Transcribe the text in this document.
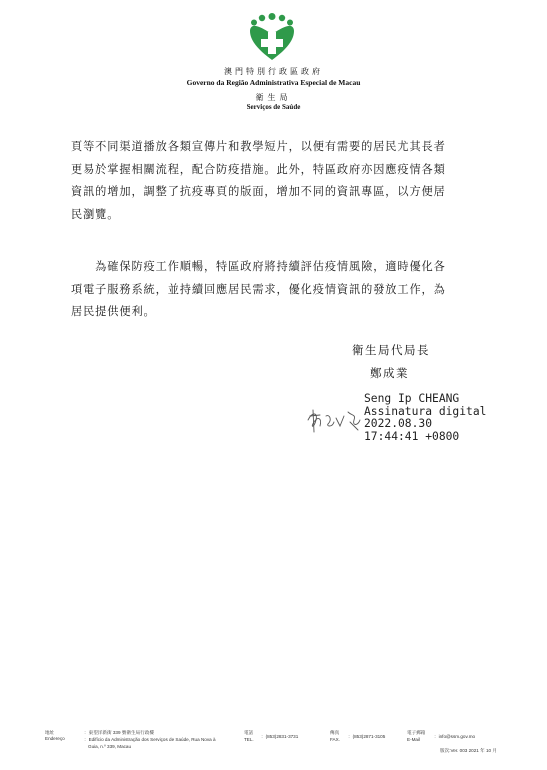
澳門特別行政區政府
Governo da Região Administrativa Especial de Macau
衛生局
Serviços de Saúde
頁等不同渠道播放各類宣傳片和教學短片，以便有需要的居民尤其長者
更易於掌握相關流程，配合防疫措施。此外，特區政府亦因應疫情各類
資訊的增加，調整了抗疫專頁的版面，增加不同的資訊專區，以方便居
民瀏覽。
　　為確保防疫工作順暢，特區政府將持續評估疫情風險，適時優化各
項電子服務系統，並持續回應居民需求，優化疫情資訊的發放工作，為
居民提供便利。
衛生局代局長
鄭成業
Seng Ip CHEANG
Assinatura digital
2022.08.30
17:44:41 +0800
地址
Endereço
：東望洋新街 339 號衛生局行政樓
：Edifício da Administração dos Serviços de Saúde, Rua Nova à
Guia, n.º 339, Macau
電話
TEL.
：(853)2831-3731
傳真
FAX.
：(853)2871-3105
電子郵箱
E-Mail
：info@ssm.gov.mo
版次:Ver. 003 2021 年 10 月
